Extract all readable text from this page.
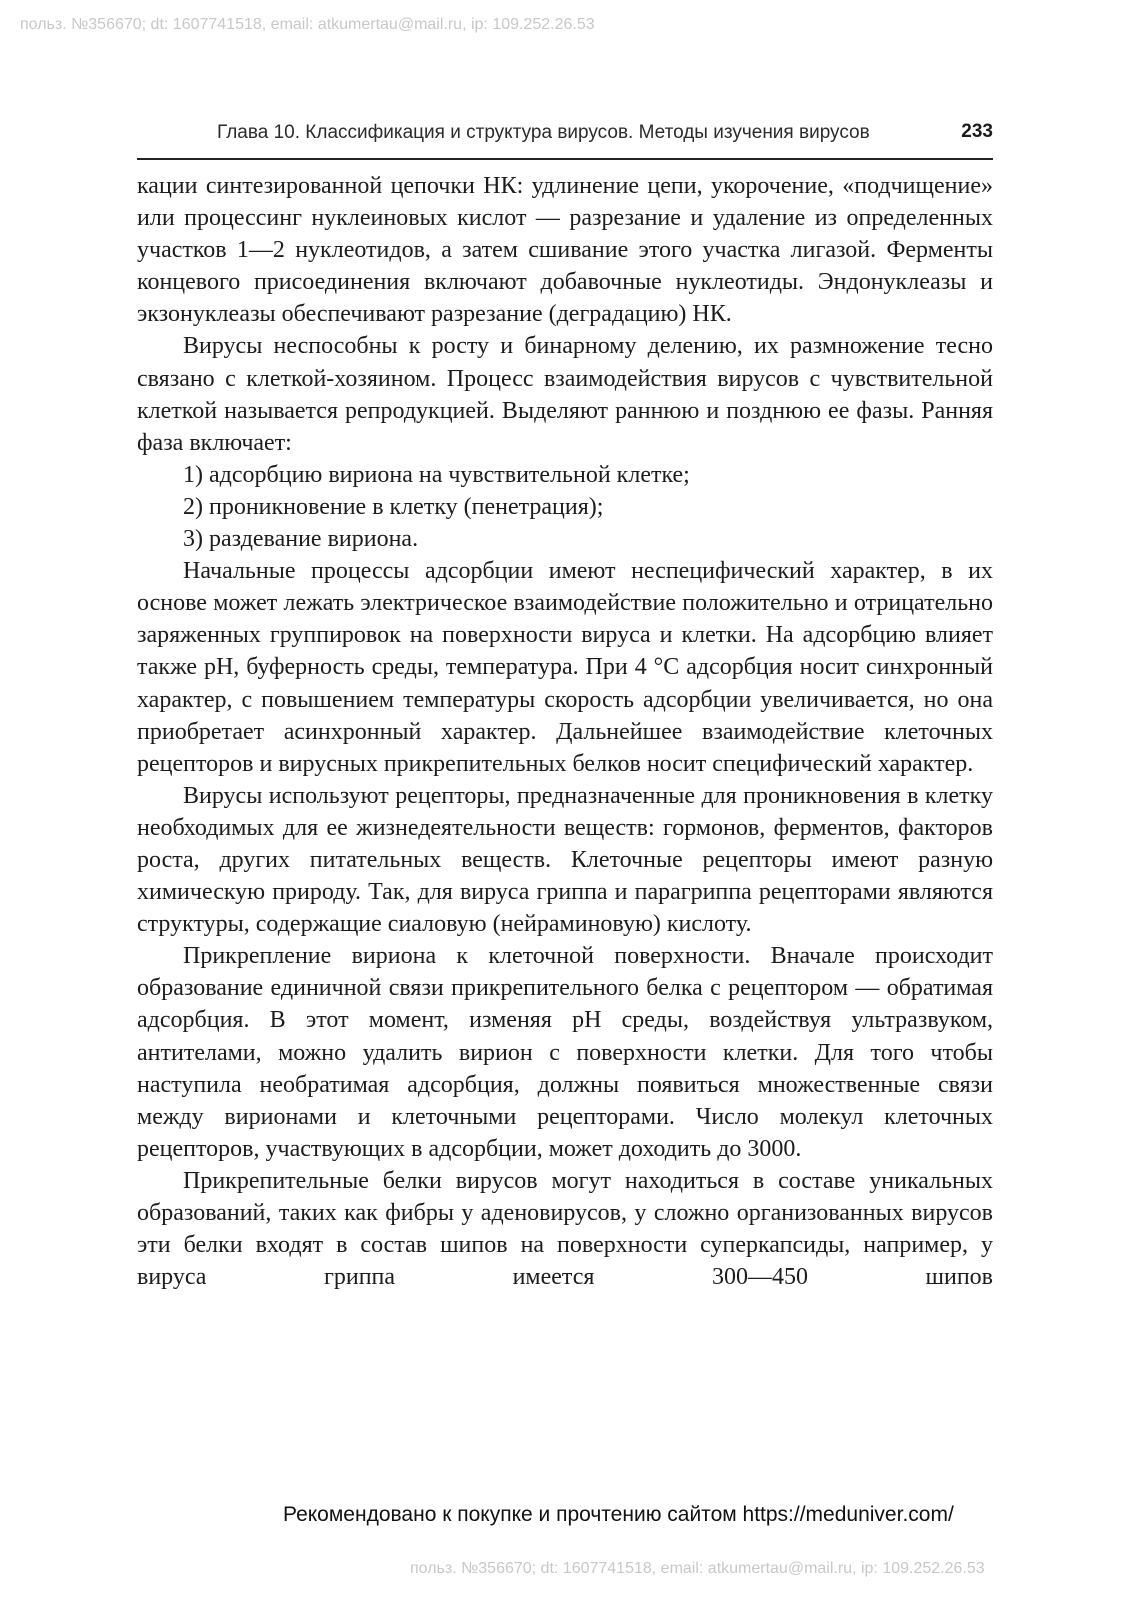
польз. №356670; dt: 1607741518, email: atkumertau@mail.ru, ip: 109.252.26.53
Глава 10. Классификация и структура вирусов. Методы изучения вирусов	233

кации синтезированной цепочки НК: удлинение цепи, укорочение, «подчищение» или процессинг нуклеиновых кислот — разрезание и удаление из определенных участков 1—2 нуклеотидов, а затем сшивание этого участка лигазой. Ферменты концевого присоединения включают добавочные нуклеотиды. Эндонуклеазы и экзонуклеазы обеспечивают разрезание (деградацию) НК.

Вирусы неспособны к росту и бинарному делению, их размножение тесно связано с клеткой-хозяином. Процесс взаимодействия вирусов с чувствительной клеткой называется репродукцией. Выделяют раннюю и позднюю ее фазы. Ранняя фаза включает:

1) адсорбцию вириона на чувствительной клетке;

2) проникновение в клетку (пенетрация);

3) раздевание вириона.

Начальные процессы адсорбции имеют неспецифический характер, в их основе может лежать электрическое взаимодействие положительно и отрицательно заряженных группировок на поверхности вируса и клетки. На адсорбцию влияет также рН, буферность среды, температура. При 4 °С адсорбция носит синхронный характер, с повышением температуры скорость адсорбции увеличивается, но она приобретает асинхронный характер. Дальнейшее взаимодействие клеточных рецепторов и вирусных прикрепительных белков носит специфический характер.

Вирусы используют рецепторы, предназначенные для проникновения в клетку необходимых для ее жизнедеятельности веществ: гормонов, ферментов, факторов роста, других питательных веществ. Клеточные рецепторы имеют разную химическую природу. Так, для вируса гриппа и парагриппа рецепторами являются структуры, содержащие сиаловую (нейраминовую) кислоту.

Прикрепление вириона к клеточной поверхности. Вначале происходит образование единичной связи прикрепительного белка с рецептором — обратимая адсорбция. В этот момент, изменяя рН среды, воздействуя ультразвуком, антителами, можно удалить вирион с поверхности клетки. Для того чтобы наступила необратимая адсорбция, должны появиться множественные связи между вирионами и клеточными рецепторами. Число молекул клеточных рецепторов, участвующих в адсорбции, может доходить до 3000.

Прикрепительные белки вирусов могут находиться в составе уникальных образований, таких как фибры у аденовирусов, у сложно организованных вирусов эти белки входят в состав шипов на поверхности суперкапсиды, например, у вируса гриппа имеется 300—450 шипов

Рекомендовано к покупке и прочтению сайтом https://meduniver.com/
польз. №356670; dt: 1607741518, email: atkumertau@mail.ru, ip: 109.252.26.53
